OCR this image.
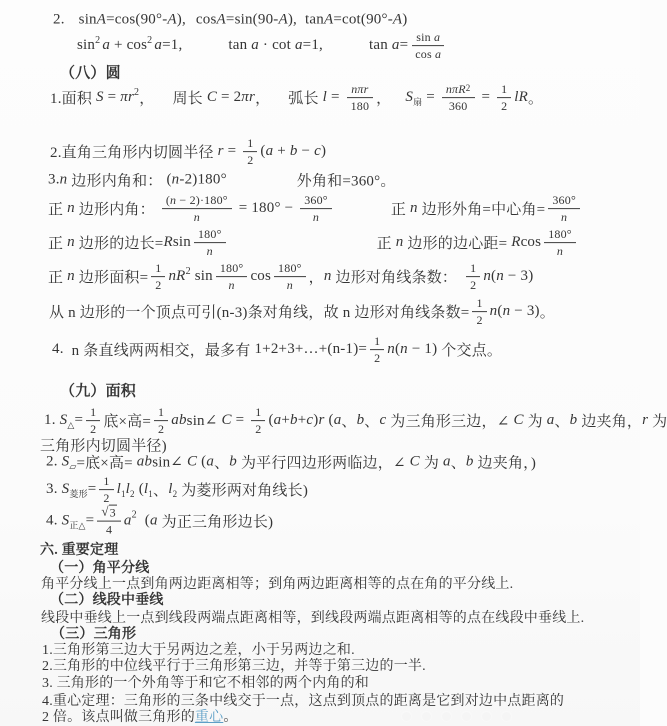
2. sin A =cos(90°- A ), cos A =sin(90- A ), tan A =cot(90°- A )
$\sin^2 a + \cos^2 a =1$,	tan a · cot a =1,	$\tan a = \frac{\text{sin a}}{\text{cos a}}$
（八）圆
1.面积 $S = \pi r^2$ ， 周长 C = 2 πr ， 弧长 $l = \frac{\text{nπr}}{180}$ ， $S_扇 = \frac{n\pi R^2}{360} = \frac{1}{2}$ lR 。
2.直角三角形内切圆半径 $r = \frac{1}{2}$ ( a + b − c )
3. n 边形内角和： ( n -2)180°	外角和=360°。
正 n 边形内角： $\frac{( n - 2)\cdot 180^\circ}{n} = 180^\circ - \frac{360^\circ}{n}$	正 n 边形外角=中心角= $\frac{360^\circ}{n}$
正 n 边形的边长= R $\sin \frac{180^\circ}{n}$	正 n 边形的边心距= R $\cos \frac{180^\circ}{n}$
正 n 边形面积= $\frac{1}{2} nR^2$ $\sin \frac{180^\circ}{n}$ $\cos \frac{180^\circ}{n}$ ， n 边形对角线条数： $\frac{1}{2}$ n ( n − 3)
从 n 边形的一个顶点可引(n-3)条对角线，故 n 边形对角线条数= $\frac{1}{2}$ n ( n − 3) 。
4. n 条直线两两相交，最多有 1+2+3+…+(n-1)= $\frac{1}{2}$ n ( n − 1) 个交点。
（九）面积
1. $S_\triangle = \frac{1}{2}$ 底×高= $\frac{1}{2}$ ab sin∠ $C = \frac{1}{2}$ ( a + b + c ) r ( a 、 b 、 c 为三角形三边，∠ C 为 a 、 b 边夹角， r 为
三角形内切圆半径)
2. $S_▱$ =底×高= ab sin∠ C ( a 、 b 为平行四边形两临边，∠ C 为 a 、 b 边夹角，)
3. $S_{菱形} = \frac{1}{2} l_1$ $l_2$ ( $l_1$ 、 $l_2$ 为菱形两对角线长)
4. $S_{正\triangle} = \frac{√ 3}{4} a^2$ ( a 为正三角形边长)
六. 重要定理
（一）角平分线
角平分线上一点到角两边距离相等；到角两边距离相等的点在角的平分线上.
（二）线段中垂线
线段中垂线上一点到线段两端点距离相等，到线段两端点距离相等的点在线段中垂线上.
（三）三角形
1.三角形第三边大于另两边之差，小于另两边之和.
2.三角形的中位线平行于三角形第三边，并等于第三边的一半.
3. 三角形的一个外角等于和它不相邻的两个内角的和
4.重心定理：三角形的三条中线交于一点，这点到顶点的距离是它到对边中点距离的
2 倍。该点叫做三角形的 重心 。
